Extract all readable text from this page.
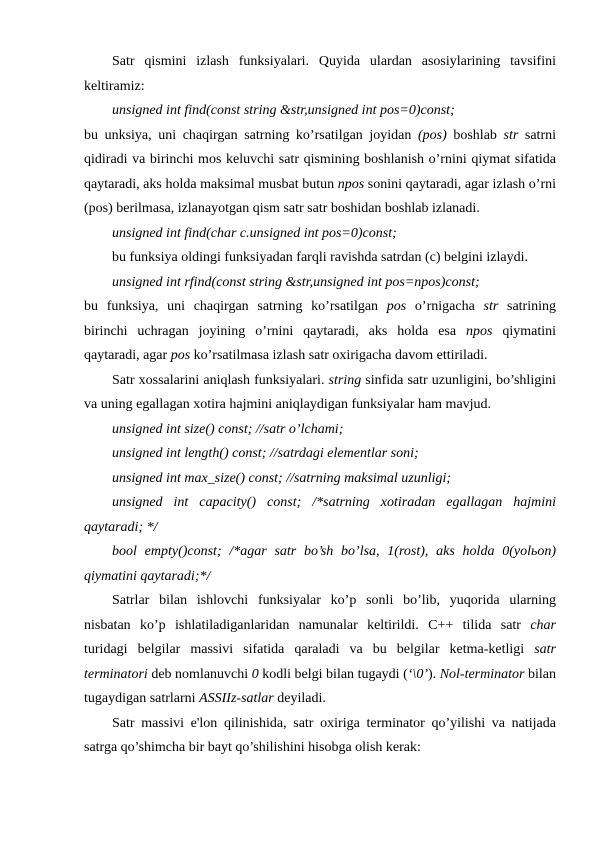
Satr qismini izlash funksiyalari. Quyida ulardan asosiylarining tavsifini keltiramiz:

unsigned int find(const string &str,unsigned int pos=0)const;

bu unksiya, uni chaqirgan satrning ko’rsatilgan joyidan (pos) boshlab str satrni qidiradi va birinchi mos keluvchi satr qismining boshlanish o’rnini qiymat sifatida qaytaradi, aks holda maksimal musbat butun npos sonini qaytaradi, agar izlash o’rni (pos) berilmasa, izlanayotgan qism satr satr boshidan boshlab izlanadi.

unsigned int find(char c.unsigned int pos=0)const;

bu funksiya oldingi funksiyadan farqli ravishda satrdan (c) belgini izlaydi.

unsigned int rfind(const string &str,unsigned int pos=npos)const;

bu funksiya, uni chaqirgan satrning ko’rsatilgan pos o’rnigacha str satrining birinchi uchragan joyining o’rnini qaytaradi, aks holda esa npos qiymatini qaytaradi, agar pos ko’rsatilmasa izlash satr oxirigacha davom ettiriladi.

Satr xossalarini aniqlash funksiyalari. string sinfida satr uzunligini, bo’shligini va uning egallagan xotira hajmini aniqlaydigan funksiyalar ham mavjud.

unsigned int size() const; //satr o’lchami;

unsigned int length() const; //satrdagi elementlar soni;

unsigned int max_size() const; //satrning maksimal uzunligi;

unsigned int capacity() const; /*satrning xotiradan egallagan hajmini qaytaradi; */

bool empty()const; /*agar satr bo’sh bo’lsa, 1(rost), aks holda 0(yolьon) qiymatini qaytaradi;*/

Satrlar bilan ishlovchi funksiyalar ko’p sonli bo’lib, yuqorida ularning nisbatan ko’p ishlatiladiganlaridan namunalar keltirildi. C++ tilida satr char turidagi belgilar massivi sifatida qaraladi va bu belgilar ketma-ketligi satr terminatori deb nomlanuvchi 0 kodli belgi bilan tugaydi (‘\0’). Nol-terminator bilan tugaydigan satrlarni ASSIIz-satlar deyiladi.

Satr massivi e'lon qilinishida, satr oxiriga terminator qo’yilishi va natijada satrga qo’shimcha bir bayt qo’shilishini hisobga olish kerak:
